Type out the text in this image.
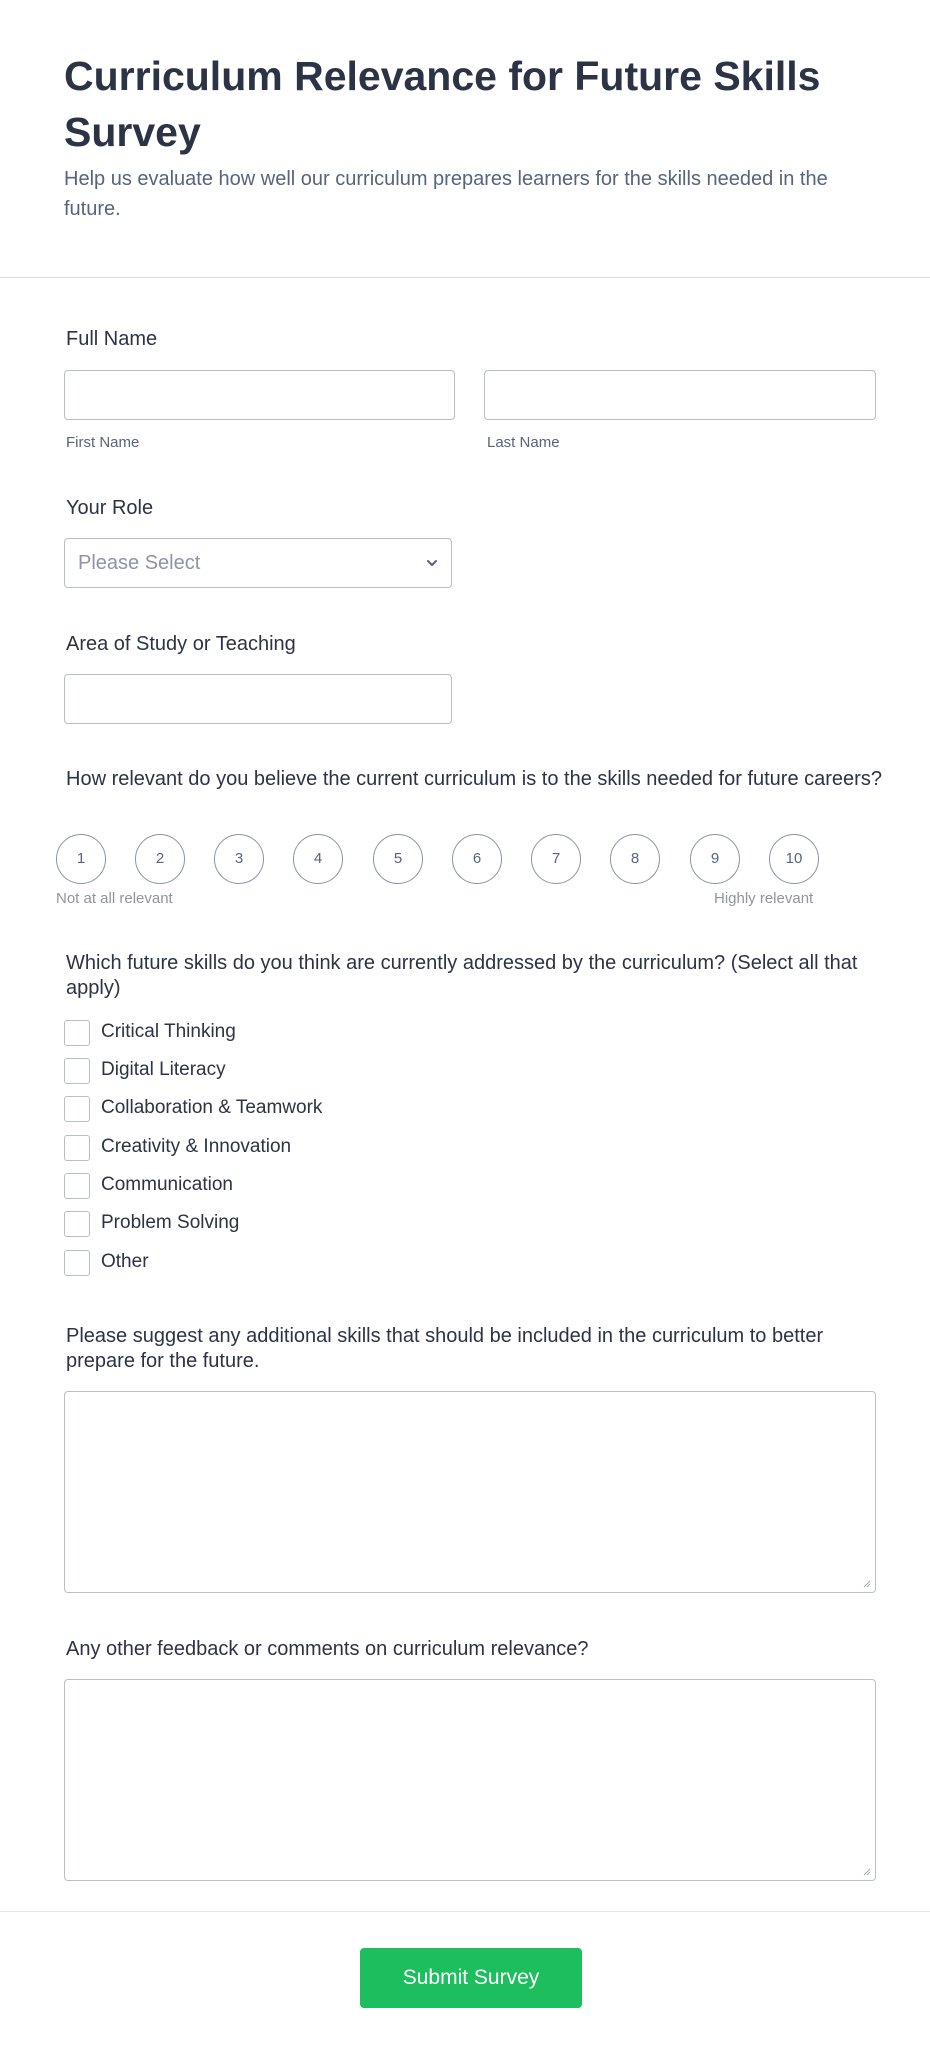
Curriculum Relevance for Future Skills Survey
Help us evaluate how well our curriculum prepares learners for the skills needed in the future.
Full Name
First Name	Last Name
Your Role
Please Select
Area of Study or Teaching
How relevant do you believe the current curriculum is to the skills needed for future careers?
1	2	3	4	5	6	7	8	9	10
Not at all relevant	Highly relevant
Which future skills do you think are currently addressed by the curriculum? (Select all that apply)
Critical Thinking
Digital Literacy
Collaboration & Teamwork
Creativity & Innovation
Communication
Problem Solving
Other
Please suggest any additional skills that should be included in the curriculum to better prepare for the future.
Any other feedback or comments on curriculum relevance?
Submit Survey
